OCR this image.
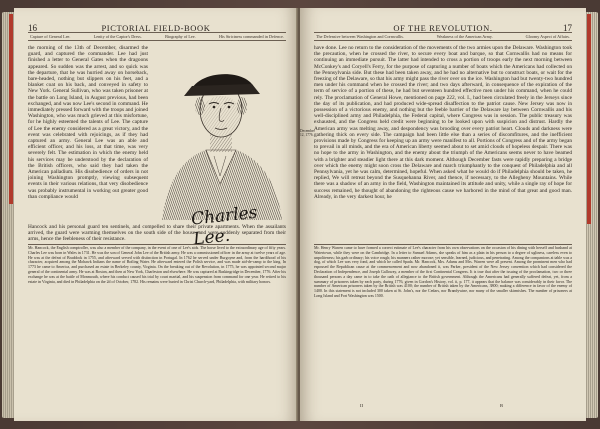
16	PICTORIAL FIELD-BOOK
Capture of General Lee.	Lenity of the Captor's Dress.	Biography of Lee.	His Strictness commanded in Defence.
the morning of the 13th of December, disarmed the guard, and captured the commander. Lee had just finished a letter to General Gates when the dragoons appeared. So sudden was the arrest, and so quick was the departure, that he was hurried away on horseback, bare-headed, nothing but slippers on his feet, and a blanket coat on his back, and conveyed in safety to New York. General Sullivan, who was taken prisoner at the battle on Long Island, in August previous, had been exchanged, and was now Lee's second in command. He immediately pressed forward with the troops and joined Washington, who was much grieved at this misfortune, for he highly esteemed the talents of Lee. The capture of Lee the enemy considered as a great victory, and the event was celebrated with rejoicings, as if they had captured an army. General Lee was an able and efficient officer, and his loss, at that time, was very severely felt. The estimation in which the enemy held his services may be understood by the declaration of the British officers, who said they had taken the American palladium. His disobedience of orders in not joining Washington promptly, viewing subsequent events in their various relations, that very disobedience was probably instrumental in working out greater good than compliance would
Charles Lee.
Hancock and his personal guard ten sentinels, and compelled to share their private apartments. When the assailants arrived, the guard were warming themselves on the south side of the house, and were suddenly separated from their arms, hence the feebleness of their resistance.
Mr. Hancock, the English comptroller, was also a member of the company, in the event of one of Lee's aids. The horse lived to the extraordinary age of fifty years. Charles Lee was born in Wales in 1731. He was the son of General John Lee of the British army. He was a commissioned officer in the army at twelve years of age. He was at the defeat of Braddock in 1755, and afterward served with distinction in Portugal. In 1762 he served under Burgoyne and, from the hardihood of his character, acquired among the Mohawk Indians the name of Boiling Water. He afterward entered the Polish service, and was made aid-de-camp to the king. In 1773 he came to America, and purchased an estate in Berkeley county, Virginia. On the breaking out of the Revolution, in 1775, he was appointed second major general of the continental army. He was at Boston, and then at New York, Charleston and elsewhere. He was captured at Baskingridge in December, 1776. After his exchange he was at the battle of Monmouth, where his conduct caused his trial by court martial, and his suspension from command for one year. He retired to his estate in Virginia, and died in Philadelphia on the 2d of October, 1782. His remains were buried in Christ Church-yard, Philadelphia, with military honors.
OF THE REVOLUTION.	17
The Defensive between Washington and Cornwallis.	Weakness of the American Army.	Gloomy Aspect of Affairs.
have done. Lee no return to the consideration of the movements of the two armies upon the Delaware. Washington took the precaution, when he crossed the river, to secure every boat and barque, so that Cornwallis had no means for continuing an immediate pursuit. The latter had intended to cross a portion of troops early the next morning between McConkey's and Coryell's Ferry, for the purpose of capturing a number of boats which the Americans had collected on the Pennsylvania side. But these had been taken away, and he had no alternative but to construct boats, or wait for the freezing of the Delaware, so that his army might pass the river over on the ice. Washington had but twenty-two hundred men under his command when he crossed the river; and two days afterward, in consequence of the expiration of the term of service of a portion of these, he had but seventeen hundred effective men under his command, when he could rely. The proclamation of General Howe, mentioned on page 222, vol. I., had been circulated freely in the Jerseys since the day of its publication, and had produced wide-spread disaffection to the patriot cause. New Jersey was now in possession of a victorious enemy, and nothing but the feeble barrier of the Delaware lay between Cornwallis and his well-disciplined army and Philadelphia, the Federal capital, where Congress was in session. The public treasury was exhausted, and the Congress held credit were beginning to be looked upon with suspicion and distrust. Hardly the American army was melting away, and despondency was brooding over every patriot heart. Clouds and darkness were gathering thick on every side. The campaign had been little else than a series of discomfitures, and the inefficient provisions made by Congress for keeping up an army were manifest to all. Portions of Congress and of the army began to prevail in all minds, and the era of American liberty seemed about to set amid clouds of hopeless despair. There was no hope to the army in Washington, and the enemy about the triumph of the Americans seems never to have beamed with a brighter and steadier light there at this dark moment. Although December fasts were rapidly preparing a bridge over which the enemy might soon cross the Delaware and march triumphantly to the conquest of Philadelphia and all Pennsylvania, yet he was calm, determined, hopeful. When asked what he would do if Philadelphia should be taken, he replied, We will retreat beyond the Susquehanna River, and thence, if necessary, to the Allegheny Mountains. While there was a shadow of an army in the field, Washington maintained its attitude and unity, while a single ray of hope for success remained, he thought of abandoning the righteous cause we harbored in the mind of that great and good man. Already, in the very darkest hour, he
December 12, 1776.
Mr. Henry Warren came to have formed a correct estimate of Lee's character from his own observations on the occasion of his dining with herself and husband at Watertown, while they were on the Cambridge. In a letter to Samuel Adams, she speaks of him as a plain in his person to a degree of ugliness, careless even to unpoliteness; his garb ordinary; his voice rough; his manners rather morose; yet sensible, learned, judicious, and penetrating. Among the companions at table was a dog, of which Lee was very fond, and which he called Spada. Mr. Hancock, Mrs. Adams and Mrs. Warren were all present. Among the prominent men who had espoused the Republican cause at the commencement and now abandoned it, was Parker, president of the New Jersey convention which had considered the Declaration of Independence, and Joseph Galloway, a member of the first Continental Congress. It is true that after the issuing of the proclamation, two or three thousand persons a day came in to take the oath of allegiance to the British government. Although the Americans had generally suffered defeat, yet, from a summary of prisoners taken by each party, during 1776, given in Gordon's History, vol. ii, p. 177, it appears that the balance was considerably in their favor. The number of American prisoners taken by the British was 4100; the number of British taken by the Americans, 3800; making a difference in favor of the enemy of 1400. In this statement is not included 300 taken at St. John's, nor the Cedars, nor Brandywine, nor many of the smaller skirmishes. The number of prisoners at Long Island and Fort Washington was 1500.
II	B
